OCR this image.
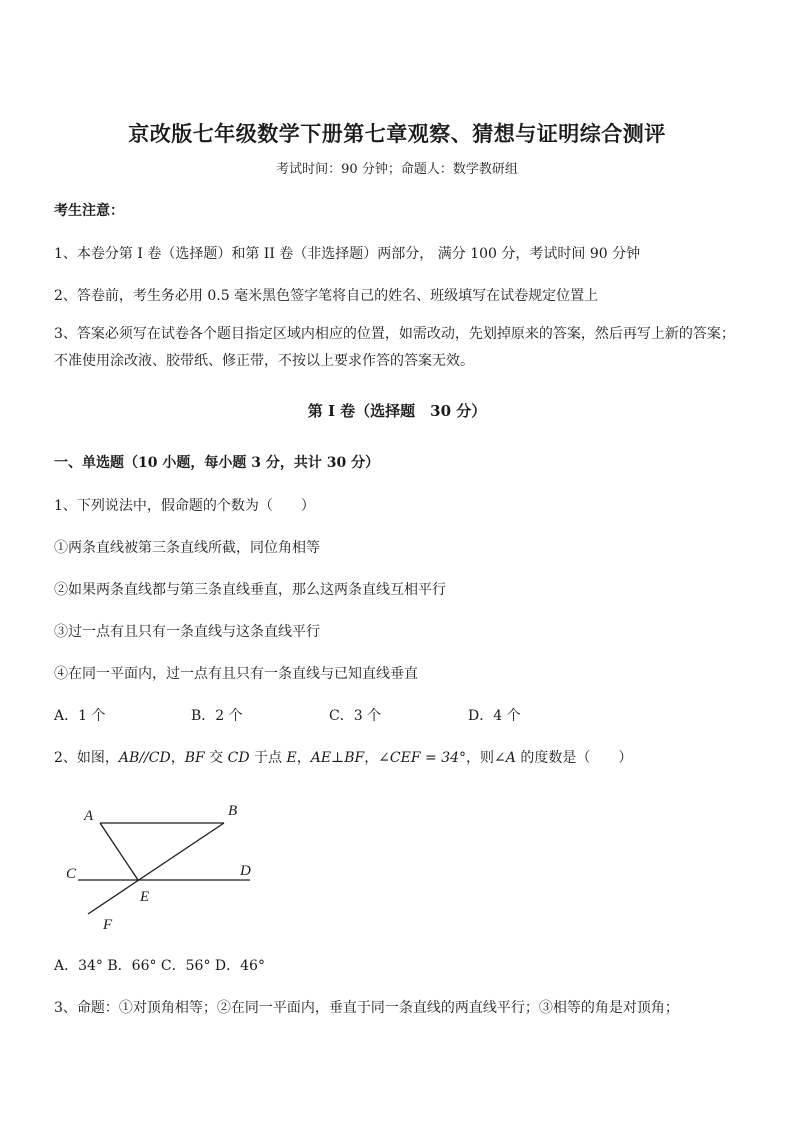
京改版七年级数学下册第七章观察、猜想与证明综合测评
考试时间：90 分钟；命题人：数学教研组
考生注意：
1、本卷分第 I 卷（选择题）和第 II 卷（非选择题）两部分， 满分 100 分，考试时间 90 分钟
2、答卷前，考生务必用 0.5 毫米黑色签字笔将自己的姓名、班级填写在试卷规定位置上
3、答案必须写在试卷各个题目指定区域内相应的位置，如需改动，先划掉原来的答案，然后再写上新的答案；不准使用涂改液、胶带纸、修正带，不按以上要求作答的答案无效。
第 I 卷（选择题　30 分）
一、单选题（10 小题，每小题 3 分，共计 30 分）
1、下列说法中，假命题的个数为（　　）
①两条直线被第三条直线所截，同位角相等
②如果两条直线都与第三条直线垂直，那么这两条直线互相平行
③过一点有且只有一条直线与这条直线平行
④在同一平面内，过一点有且只有一条直线与已知直线垂直
A．1 个	B．2 个	C．3 个	D．4 个
2、如图，AB//CD，BF 交 CD 于点 E，AE⊥BF，∠CEF = 34°，则∠A 的度数是（　　）
A	B
C	D
E
F
A．34° B．66° C．56° D．46°
3、命题：①对顶角相等；②在同一平面内，垂直于同一条直线的两直线平行；③相等的角是对顶角；
